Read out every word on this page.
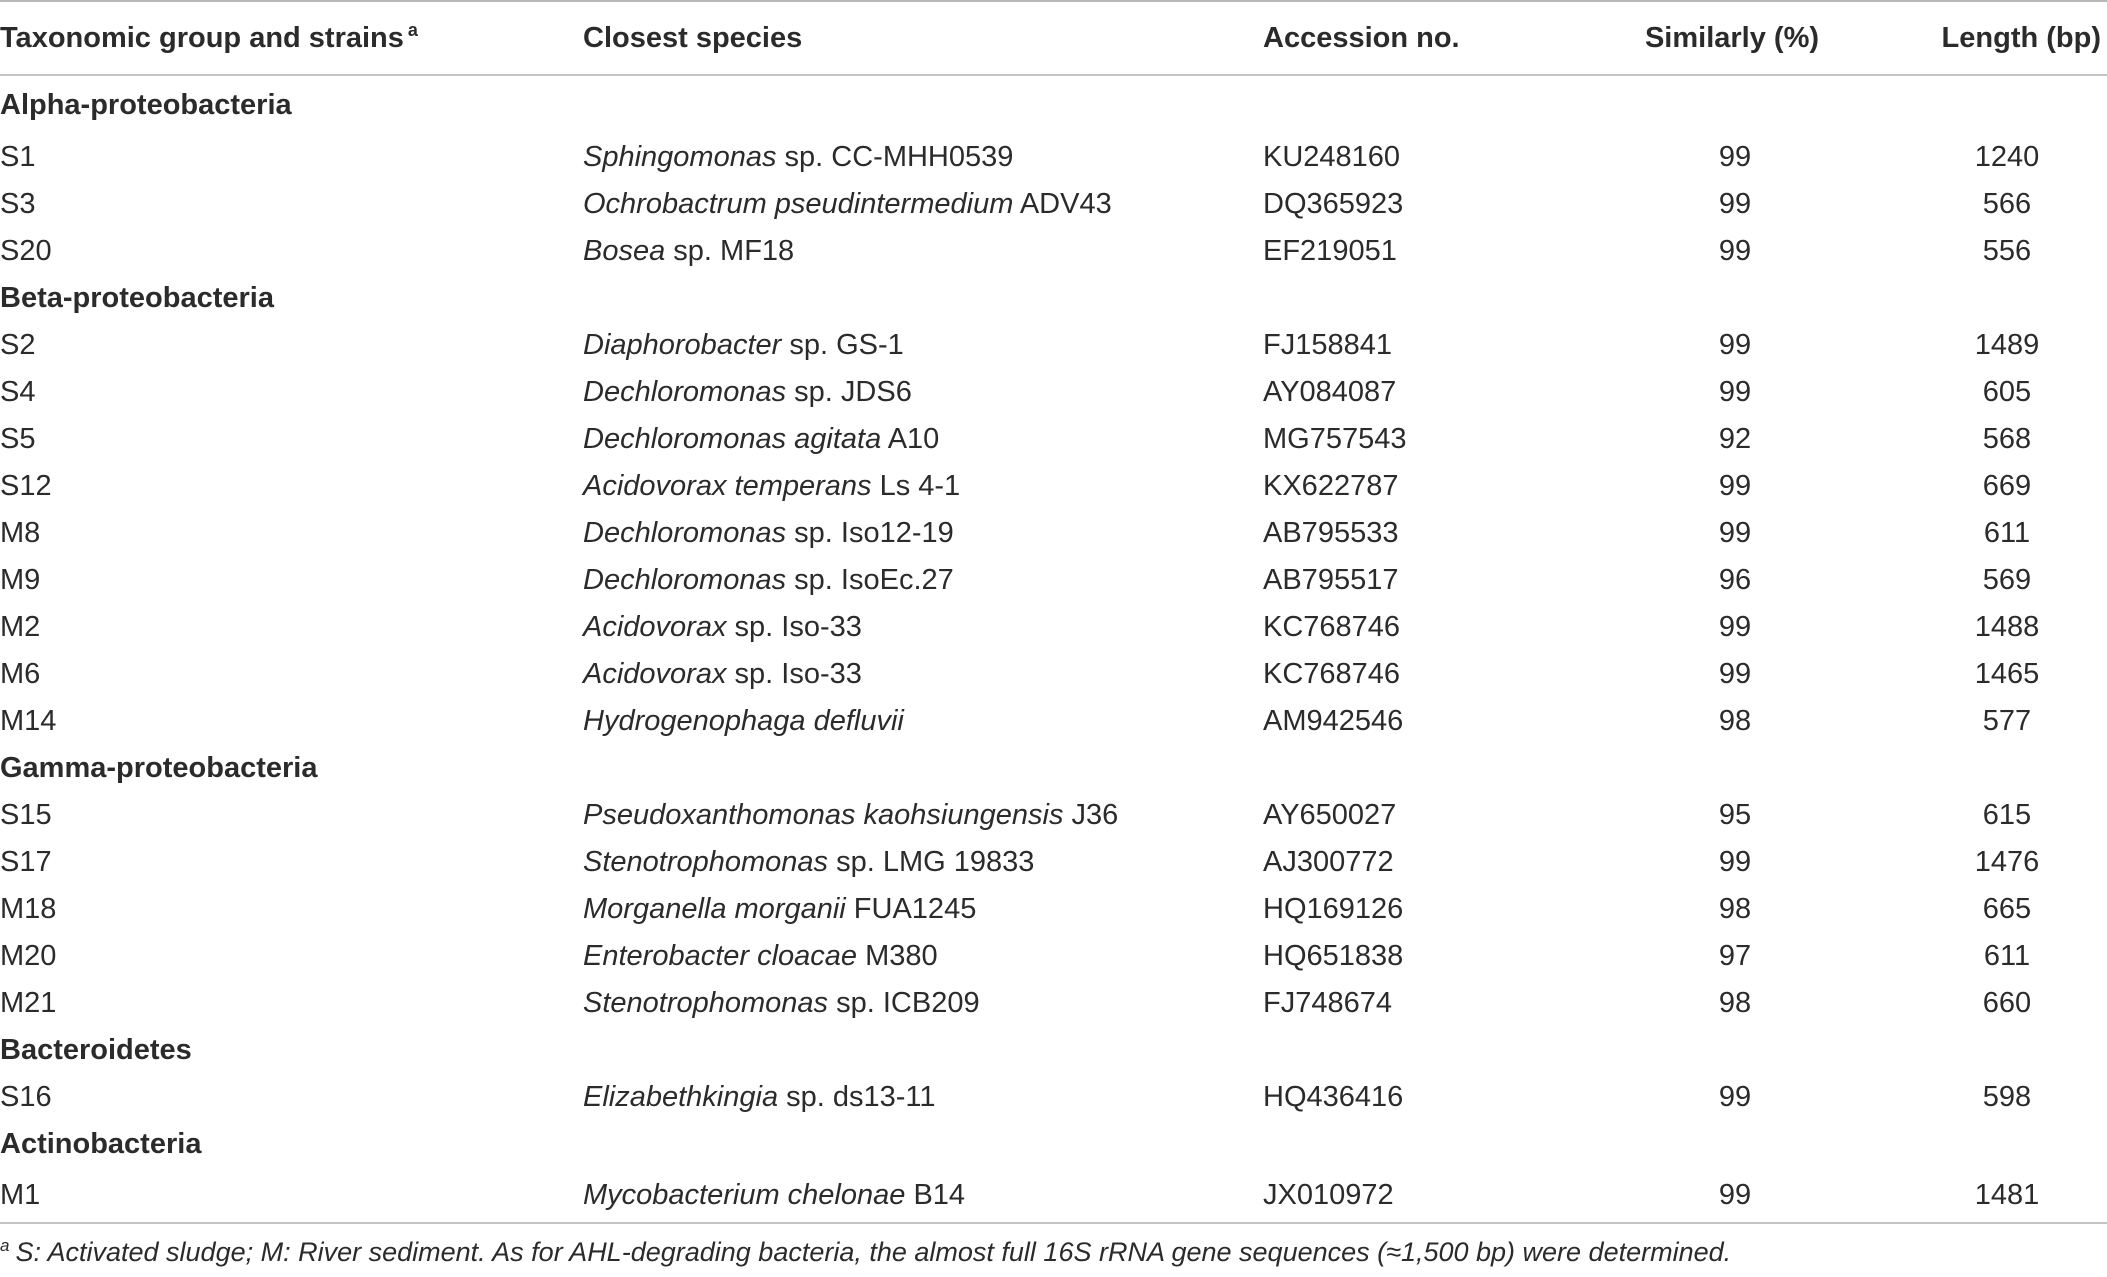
Taxonomic group and strains $^a$	Closest species	Accession no.	Similarly (%)	Length (bp)
Alpha-proteobacteria				
S1	Sphingomonas sp. CC-MHH0539	KU248160	99	1240
S3	Ochrobactrum pseudintermedium ADV43	DQ365923	99	566
S20	Bosea sp. MF18	EF219051	99	556
Beta-proteobacteria				
S2	Diaphorobacter sp. GS-1	FJ158841	99	1489
S4	Dechloromonas sp. JDS6	AY084087	99	605
S5	Dechloromonas agitata A10	MG757543	92	568
S12	Acidovorax temperans Ls 4-1	KX622787	99	669
M8	Dechloromonas sp. Iso12-19	AB795533	99	611
M9	Dechloromonas sp. IsoEc.27	AB795517	96	569
M2	Acidovorax sp. Iso-33	KC768746	99	1488
M6	Acidovorax sp. Iso-33	KC768746	99	1465
M14	Hydrogenophaga defluvii	AM942546	98	577
Gamma-proteobacteria				
S15	Pseudoxanthomonas kaohsiungensis J36	AY650027	95	615
S17	Stenotrophomonas sp. LMG 19833	AJ300772	99	1476
M18	Morganella morganii FUA1245	HQ169126	98	665
M20	Enterobacter cloacae M380	HQ651838	97	611
M21	Stenotrophomonas sp. ICB209	FJ748674	98	660
Bacteroidetes				
S16	Elizabethkingia sp. ds13-11	HQ436416	99	598
Actinobacteria				
M1	Mycobacterium chelonae B14	JX010972	99	1481
$^a$ S: Activated sludge; M: River sediment. As for AHL-degrading bacteria, the almost full 16S rRNA gene sequences (≈1,500 bp) were determined.
